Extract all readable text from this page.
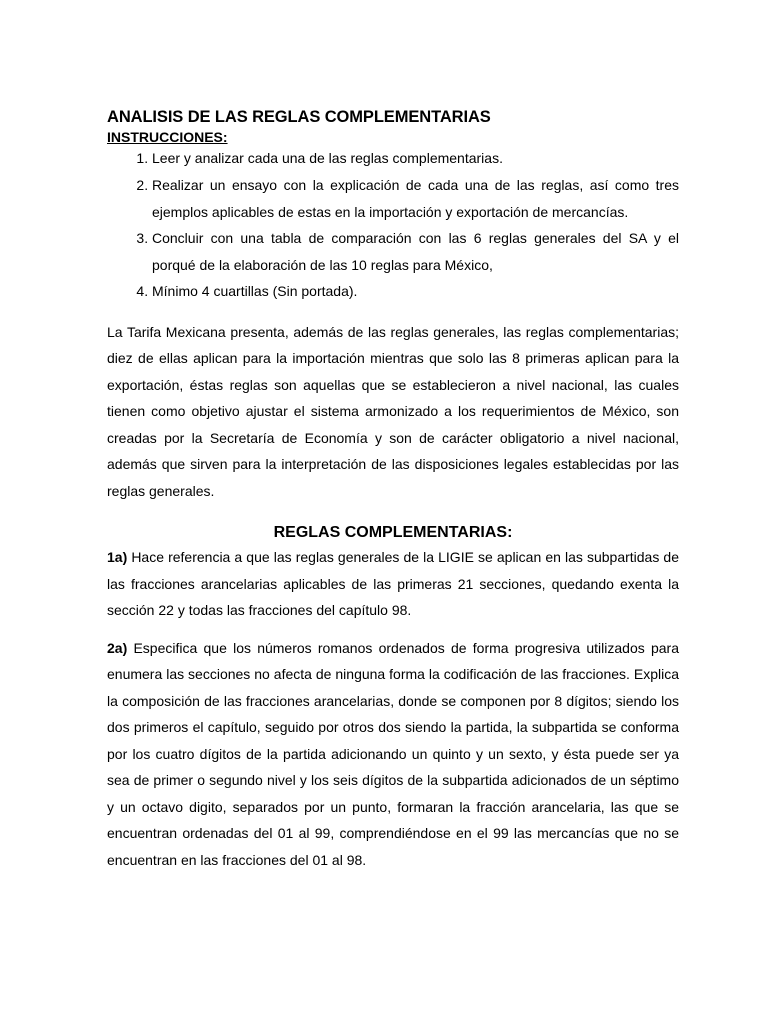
ANALISIS DE LAS REGLAS COMPLEMENTARIAS

INSTRUCCIONES:

1. Leer y analizar cada una de las reglas complementarias.
2. Realizar un ensayo con la explicación de cada una de las reglas, así como tres ejemplos aplicables de estas en la importación y exportación de mercancías.
3. Concluir con una tabla de comparación con las 6 reglas generales del SA y el porqué de la elaboración de las 10 reglas para México,
4. Mínimo 4 cuartillas (Sin portada).

La Tarifa Mexicana presenta, además de las reglas generales, las reglas complementarias; diez de ellas aplican para la importación mientras que solo las 8 primeras aplican para la exportación, éstas reglas son aquellas que se establecieron a nivel nacional, las cuales tienen como objetivo ajustar el sistema armonizado a los requerimientos de México, son creadas por la Secretaría de Economía y son de carácter obligatorio a nivel nacional, además que sirven para la interpretación de las disposiciones legales establecidas por las reglas generales.

REGLAS COMPLEMENTARIAS:

1a) Hace referencia a que las reglas generales de la LIGIE se aplican en las subpartidas de las fracciones arancelarias aplicables de las primeras 21 secciones, quedando exenta la sección 22 y todas las fracciones del capítulo 98.

2a) Especifica que los números romanos ordenados de forma progresiva utilizados para enumera las secciones no afecta de ninguna forma la codificación de las fracciones. Explica la composición de las fracciones arancelarias, donde se componen por 8 dígitos; siendo los dos primeros el capítulo, seguido por otros dos siendo la partida, la subpartida se conforma por los cuatro dígitos de la partida adicionando un quinto y un sexto, y ésta puede ser ya sea de primer o segundo nivel y los seis dígitos de la subpartida adicionados de un séptimo y un octavo digito, separados por un punto, formaran la fracción arancelaria, las que se encuentran ordenadas del 01 al 99, comprendiéndose en el 99 las mercancías que no se encuentran en las fracciones del 01 al 98.
